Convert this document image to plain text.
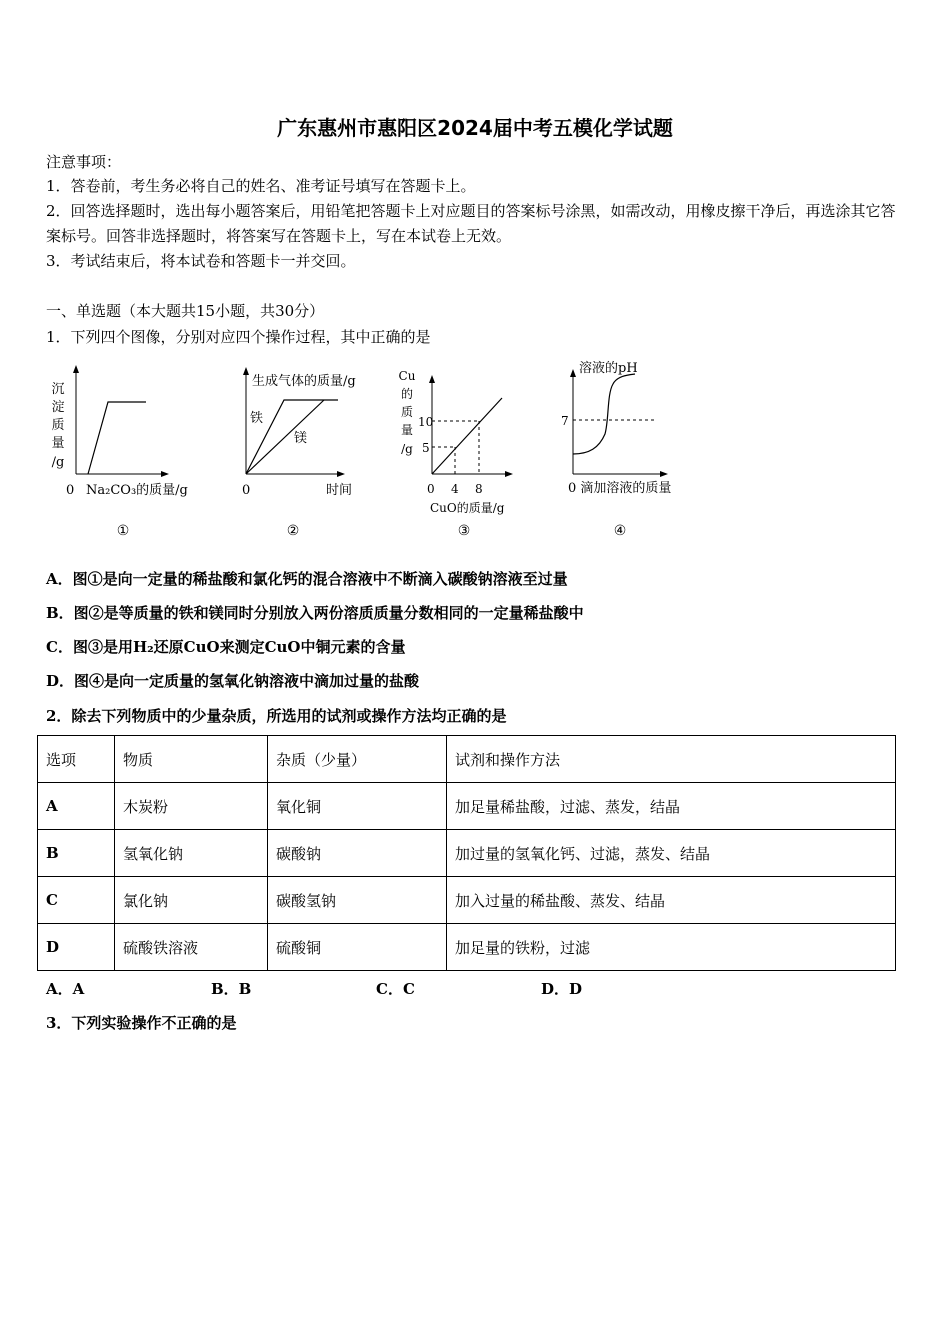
广东惠州市惠阳区2024届中考五模化学试题
注意事项：
1．答卷前，考生务必将自己的姓名、准考证号填写在答题卡上。
2．回答选择题时，选出每小题答案后，用铅笔把答题卡上对应题目的答案标号涂黑，如需改动，用橡皮擦干净后，再选涂其它答案标号。回答非选择题时，将答案写在答题卡上，写在本试卷上无效。
3．考试结束后，将本试卷和答题卡一并交回。
一、单选题（本大题共15小题，共30分）
1．下列四个图像，分别对应四个操作过程，其中正确的是
沉
淀
质
量
/g
0 Na₂CO₃的质量/g
①
生成气体的质量/g
铁
镁
0	时间
②
Cu
的
质
量
/g
10
5
0 4 8
CuO的质量/g
③
溶液的pH
7
0 滴加溶液的质量
④
A．图①是向一定量的稀盐酸和氯化钙的混合溶液中不断滴入碳酸钠溶液至过量
B．图②是等质量的铁和镁同时分别放入两份溶质质量分数相同的一定量稀盐酸中
C．图③是用H₂还原CuO来测定CuO中铜元素的含量
D．图④是向一定质量的氢氧化钠溶液中滴加过量的盐酸
2．除去下列物质中的少量杂质，所选用的试剂或操作方法均正确的是
选项	物质	杂质（少量）	试剂和操作方法
A	木炭粉	氧化铜	加足量稀盐酸，过滤、蒸发，结晶
B	氢氧化钠	碳酸钠	加过量的氢氧化钙、过滤，蒸发、结晶
C	氯化钠	碳酸氢钠	加入过量的稀盐酸、蒸发、结晶
D	硫酸铁溶液	硫酸铜	加足量的铁粉，过滤
A．A	B．B	C．C	D．D
3．下列实验操作不正确的是
